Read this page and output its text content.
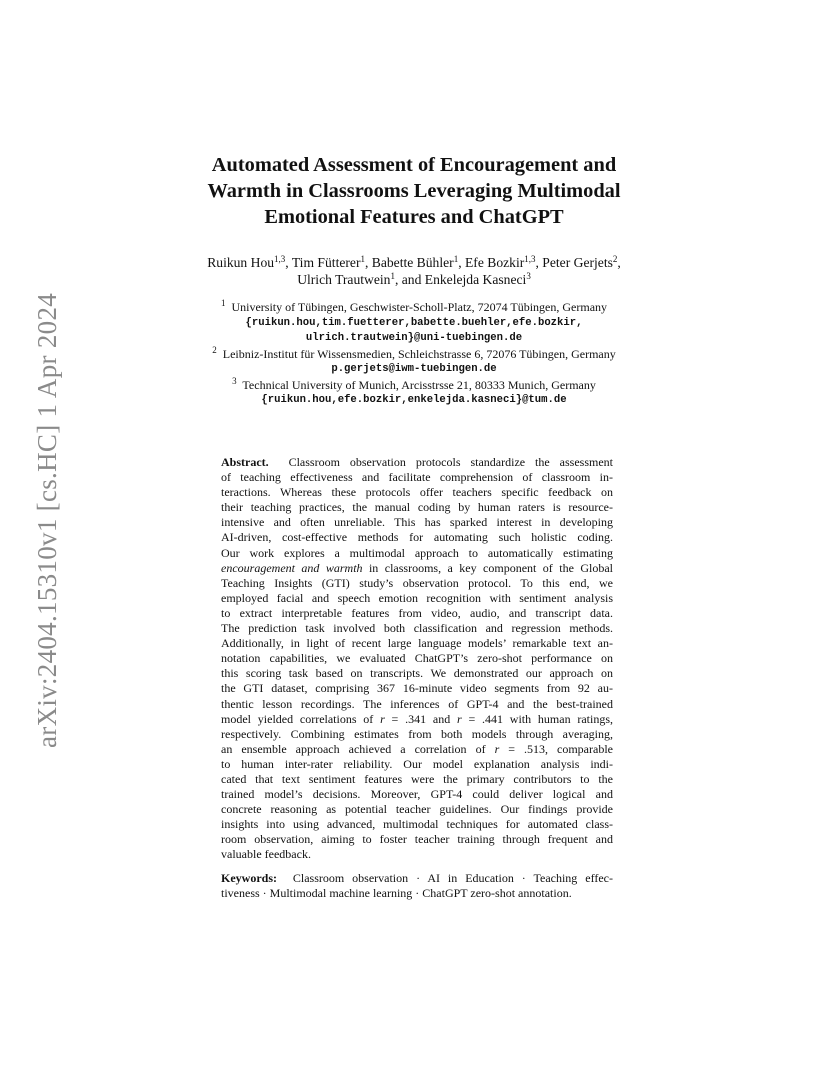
arXiv:2404.15310v1 [cs.HC] 1 Apr 2024
Automated Assessment of Encouragement and
Warmth in Classrooms Leveraging Multimodal
Emotional Features and ChatGPT
Ruikun Hou$^{1,3}$, Tim Fütterer$^1$, Babette Bühler$^1$, Efe Bozkir$^{1,3}$, Peter Gerjets$^2$,
Ulrich Trautwein$^1$, and Enkelejda Kasneci$^3$
$^1$ University of Tübingen, Geschwister-Scholl-Platz, 72074 Tübingen, Germany
{ruikun.hou,tim.fuetterer,babette.buehler,efe.bozkir,
ulrich.trautwein}@uni-tuebingen.de
$^2$ Leibniz-Institut für Wissensmedien, Schleichstrasse 6, 72076 Tübingen, Germany
p.gerjets@iwm-tuebingen.de
$^3$ Technical University of Munich, Arcisstrsse 21, 80333 Munich, Germany
{ruikun.hou,efe.bozkir,enkelejda.kasneci}@tum.de
Abstract. Classroom observation protocols standardize the assessment
of teaching effectiveness and facilitate comprehension of classroom in-
teractions. Whereas these protocols offer teachers specific feedback on
their teaching practices, the manual coding by human raters is resource-
intensive and often unreliable. This has sparked interest in developing
AI-driven, cost-effective methods for automating such holistic coding.
Our work explores a multimodal approach to automatically estimating
encouragement and warmth in classrooms, a key component of the Global
Teaching Insights (GTI) study’s observation protocol. To this end, we
employed facial and speech emotion recognition with sentiment analysis
to extract interpretable features from video, audio, and transcript data.
The prediction task involved both classification and regression methods.
Additionally, in light of recent large language models’ remarkable text an-
notation capabilities, we evaluated ChatGPT’s zero-shot performance on
this scoring task based on transcripts. We demonstrated our approach on
the GTI dataset, comprising 367 16-minute video segments from 92 au-
thentic lesson recordings. The inferences of GPT-4 and the best-trained
model yielded correlations of r = .341 and r = .441 with human ratings,
respectively. Combining estimates from both models through averaging,
an ensemble approach achieved a correlation of r = .513, comparable
to human inter-rater reliability. Our model explanation analysis indi-
cated that text sentiment features were the primary contributors to the
trained model’s decisions. Moreover, GPT-4 could deliver logical and
concrete reasoning as potential teacher guidelines. Our findings provide
insights into using advanced, multimodal techniques for automated class-
room observation, aiming to foster teacher training through frequent and
valuable feedback.
Keywords: Classroom observation · AI in Education · Teaching effec-
tiveness · Multimodal machine learning · ChatGPT zero-shot annotation.
